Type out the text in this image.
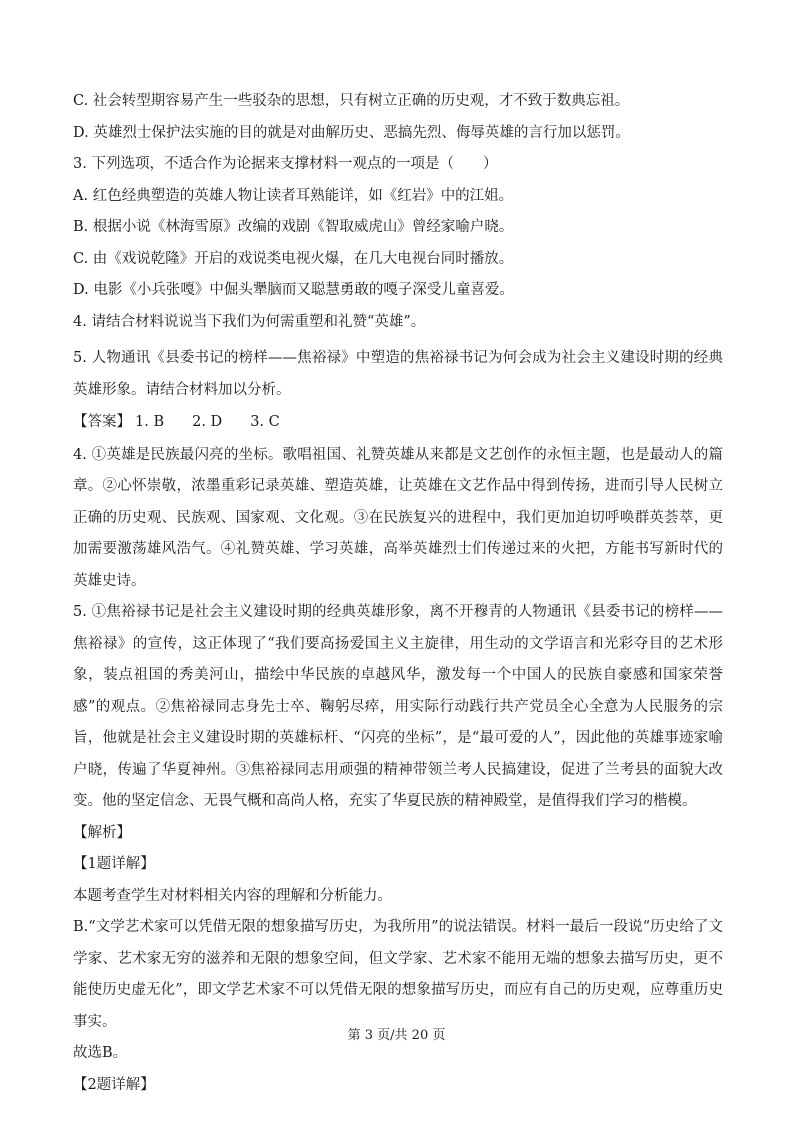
C. 社会转型期容易产生一些驳杂的思想，只有树立正确的历史观，才不致于数典忘祖。

D. 英雄烈士保护法实施的目的就是对曲解历史、恶搞先烈、侮辱英雄的言行加以惩罚。

3. 下列选项，不适合作为论据来支撑材料一观点的一项是（　　）

A. 红色经典塑造的英雄人物让读者耳熟能详，如《红岩》中的江姐。

B. 根据小说《林海雪原》改编的戏剧《智取威虎山》曾经家喻户晓。

C. 由《戏说乾隆》开启的戏说类电视火爆，在几大电视台同时播放。

D. 电影《小兵张嘎》中倔头犟脑而又聪慧勇敢的嘎子深受儿童喜爱。

4. 请结合材料说说当下我们为何需重塑和礼赞“英雄”。

5. 人物通讯《县委书记的榜样——焦裕禄》中塑造的焦裕禄书记为何会成为社会主义建设时期的经典英雄形象。请结合材料加以分析。

【答案】 1. B 2. D 3. C

4. ①英雄是民族最闪亮的坐标。歌唱祖国、礼赞英雄从来都是文艺创作的永恒主题，也是最动人的篇章。②心怀崇敬，浓墨重彩记录英雄、塑造英雄，让英雄在文艺作品中得到传扬，进而引导人民树立正确的历史观、民族观、国家观、文化观。③在民族复兴的进程中，我们更加迫切呼唤群英荟萃，更加需要激荡雄风浩气。④礼赞英雄、学习英雄，高举英雄烈士们传递过来的火把，方能书写新时代的英雄史诗。

5. ①焦裕禄书记是社会主义建设时期的经典英雄形象，离不开穆青的人物通讯《县委书记的榜样——焦裕禄》的宣传，这正体现了“我们要高扬爱国主义主旋律，用生动的文学语言和光彩夺目的艺术形象，装点祖国的秀美河山，描绘中华民族的卓越风华，激发每一个中国人的民族自豪感和国家荣誉感”的观点。②焦裕禄同志身先士卒、鞠躬尽瘁，用实际行动践行共产党员全心全意为人民服务的宗旨，他就是社会主义建设时期的英雄标杆、“闪亮的坐标”，是“最可爱的人”，因此他的英雄事迹家喻户晓，传遍了华夏神州。③焦裕禄同志用顽强的精神带领兰考人民搞建设，促进了兰考县的面貌大改变。他的坚定信念、无畏气概和高尚人格，充实了华夏民族的精神殿堂，是值得我们学习的楷模。

【解析】

【1题详解】

本题考查学生对材料相关内容的理解和分析能力。

B.“文学艺术家可以凭借无限的想象描写历史，为我所用”的说法错误。材料一最后一段说“历史给了文学家、艺术家无穷的滋养和无限的想象空间，但文学家、艺术家不能用无端的想象去描写历史，更不能使历史虚无化”，即文学艺术家不可以凭借无限的想象描写历史，而应有自己的历史观，应尊重历史事实。

故选B。

【2题详解】

第 3 页/共 20 页
